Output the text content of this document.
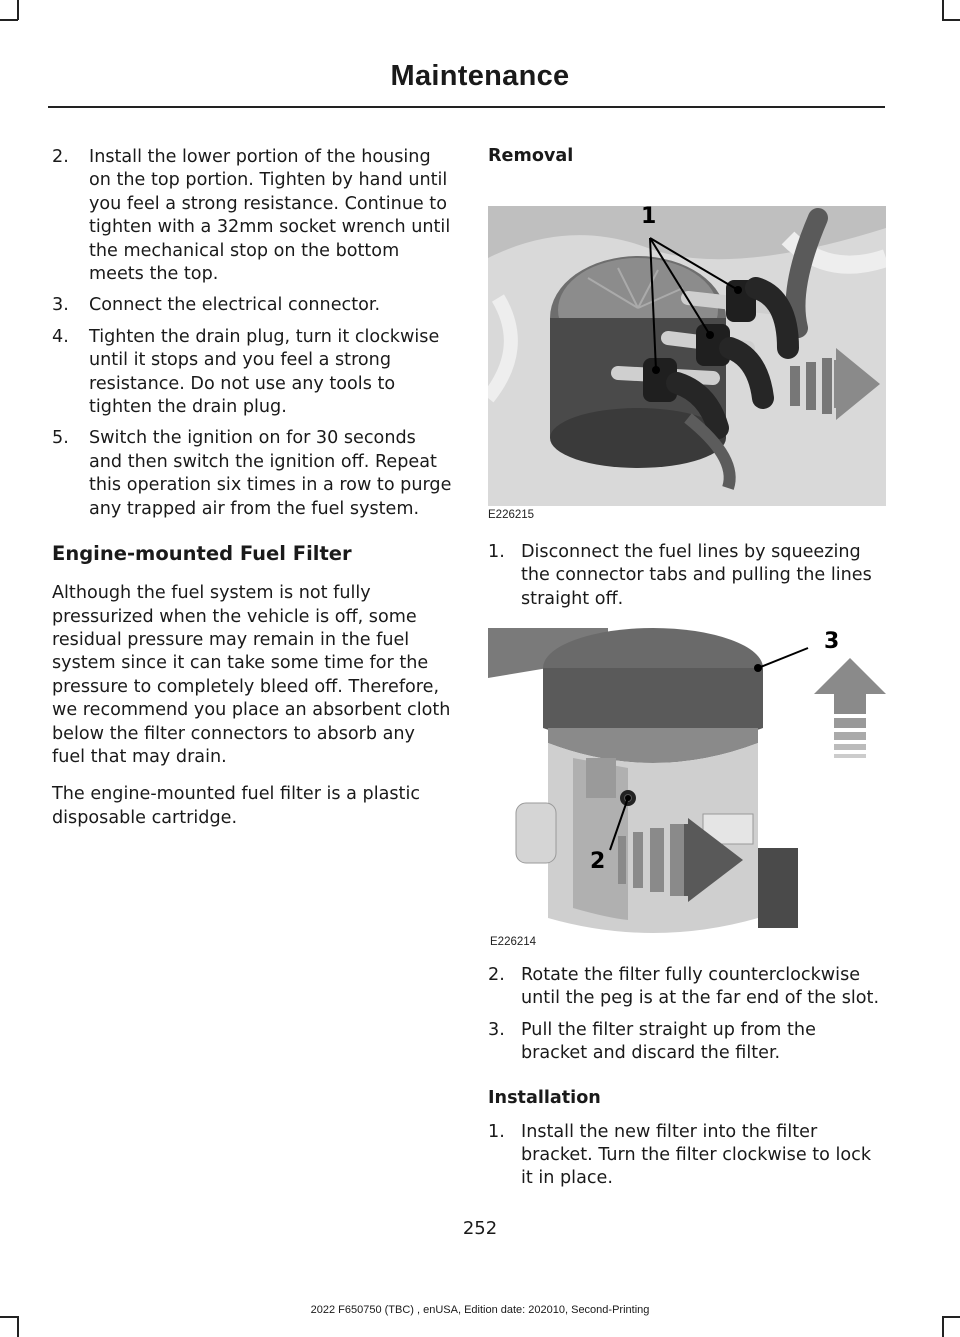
Maintenance
2. Install the lower portion of the housing on the top portion. Tighten by hand until you feel a strong resistance. Continue to tighten with a 32mm socket wrench until the mechanical stop on the bottom meets the top.
3. Connect the electrical connector.
4. Tighten the drain plug, turn it clockwise until it stops and you feel a strong resistance. Do not use any tools to tighten the drain plug.
5. Switch the ignition on for 30 seconds and then switch the ignition off. Repeat this operation six times in a row to purge any trapped air from the fuel system.
Engine-mounted Fuel Filter

Although the fuel system is not fully pressurized when the vehicle is off, some residual pressure may remain in the fuel system since it can take some time for the pressure to completely bleed off. Therefore, we recommend you place an absorbent cloth below the filter connectors to absorb any fuel that may drain.

The engine-mounted fuel filter is a plastic disposable cartridge.

Removal
1
E226215
1. Disconnect the fuel lines by squeezing the connector tabs and pulling the lines straight off.
3
2
E226214
2. Rotate the filter fully counterclockwise until the peg is at the far end of the slot.
3. Pull the filter straight up from the bracket and discard the filter.
Installation
1. Install the new filter into the filter bracket. Turn the filter clockwise to lock it in place.
252
2022 F650750 (TBC) , enUSA, Edition date: 202010, Second-Printing
